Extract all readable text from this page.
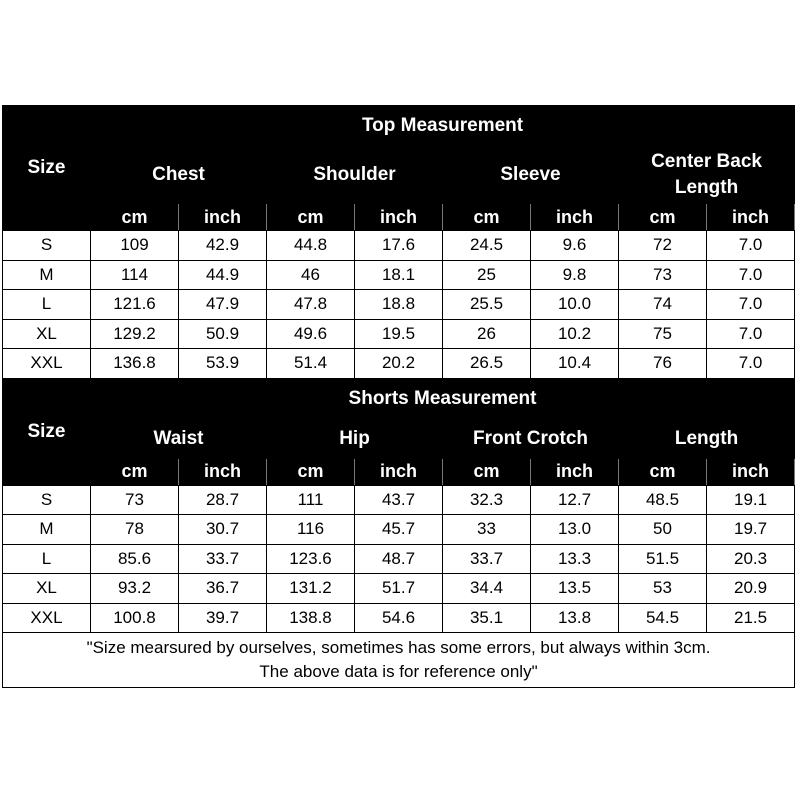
Size	Top Measurement							
	Chest		Shoulder		Sleeve		Center Back Length	
	cm	inch	cm	inch	cm	inch	cm	inch
S	109	42.9	44.8	17.6	24.5	9.6	72	7.0
M	114	44.9	46	18.1	25	9.8	73	7.0
L	121.6	47.9	47.8	18.8	25.5	10.0	74	7.0
XL	129.2	50.9	49.6	19.5	26	10.2	75	7.0
XXL	136.8	53.9	51.4	20.2	26.5	10.4	76	7.0
Size	Shorts Measurement							
	Waist		Hip		Front Crotch		Length	
	cm	inch	cm	inch	cm	inch	cm	inch
S	73	28.7	111	43.7	32.3	12.7	48.5	19.1
M	78	30.7	116	45.7	33	13.0	50	19.7
L	85.6	33.7	123.6	48.7	33.7	13.3	51.5	20.3
XL	93.2	36.7	131.2	51.7	34.4	13.5	53	20.9
XXL	100.8	39.7	138.8	54.6	35.1	13.8	54.5	21.5

"Size mearsured by ourselves, sometimes has some errors, but always within 3cm.
The above data is for reference only"								
